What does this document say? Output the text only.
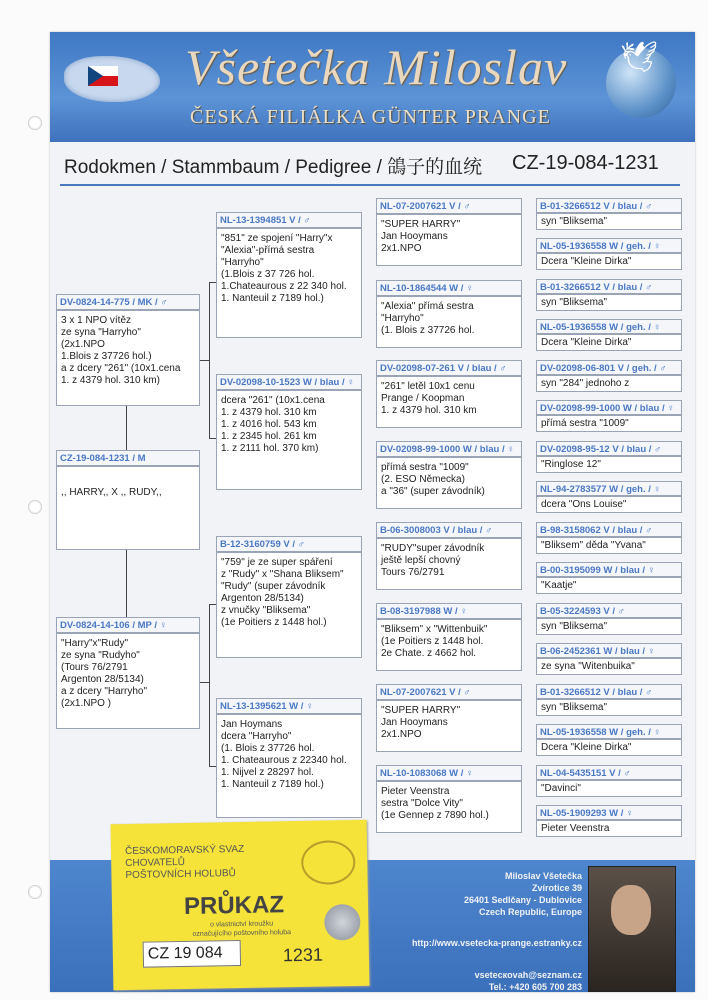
🕊
Všetečka Miloslav
ČESKÁ FILIÁLKA GÜNTER PRANGE
Rodokmen / Stammbaum / Pedigree / 鴿子的血统 CZ-19-084-1231
DV-0824-14-775 / MK / ♂
3 x 1 NPO vítěz
ze syna "Harryho"
(2x1.NPO
1.Blois z 37726 hol.)
a z dcery "261" (10x1.cena
1. z 4379 hol. 310 km)
CZ-19-084-1231 / M
,, HARRY,, X ,, RUDY,,
DV-0824-14-106 / MP / ♀
"Harry"x"Rudy"
ze syna "Rudyho"
(Tours 76/2791
Argenton 28/5134)
a z dcery "Harryho"
(2x1.NPO )
NL-13-1394851 V / ♂
"851" ze spojení "Harry"x
"Alexia"-přímá sestra
"Harryho"
(1.Blois z 37 726 hol.
1.Chateaurous z 22 340 hol.
1. Nanteuil z 7189 hol.)
DV-02098-10-1523 W / blau / ♀
dcera "261" (10x1.cena
1. z 4379 hol. 310 km
1. z 4016 hol. 543 km
1. z 2345 hol. 261 km
1. z 2111 hol. 370 km)
B-12-3160759 V / ♂
"759" je ze super spáření
z "Rudy" x "Shana Bliksem"
"Rudy" (super závodník
Argenton 28/5134)
z vnučky "Bliksema"
(1e Poitiers z 1448 hol.)
NL-13-1395621 W / ♀
Jan Hoymans
dcera "Harryho"
(1. Blois z 37726 hol.
1. Chateaurous z 22340 hol.
1. Nijvel z 28297 hol.
1. Nanteuil z 7189 hol.)
NL-07-2007621 V / ♂
"SUPER HARRY"
Jan Hooymans
2x1.NPO
NL-10-1864544 W / ♀
"Alexia" přímá sestra
"Harryho"
(1. Blois z 37726 hol.
DV-02098-07-261 V / blau / ♂
"261" letěl 10x1 cenu
Prange / Koopman
1. z 4379 hol. 310 km
DV-02098-99-1000 W / blau / ♀
přímá sestra "1009"
(2. ESO Německa)
a "36" (super závodník)
B-06-3008003 V / blau / ♂
"RUDY"super závodník
ještě lepší chovný
Tours 76/2791
B-08-3197988 W / ♀
"Bliksem" x "Wittenbuik"
(1e Poitiers z 1448 hol.
2e Chate. z 4662 hol.
NL-07-2007621 V / ♂
"SUPER HARRY"
Jan Hooymans
2x1.NPO
NL-10-1083068 W / ♀
Pieter Veenstra
sestra "Dolce Vity"
(1e Gennep z 7890 hol.)
B-01-3266512 V / blau / ♂
syn "Bliksema"
NL-05-1936558 W / geh. / ♀
Dcera "Kleine Dirka"
B-01-3266512 V / blau / ♂
syn "Bliksema"
NL-05-1936558 W / geh. / ♀
Dcera "Kleine Dirka"
DV-02098-06-801 V / geh. / ♂
syn "284" jednoho z
DV-02098-99-1000 W / blau / ♀
přímá sestra "1009"
DV-02098-95-12 V / blau / ♂
"Ringlose 12"
NL-94-2783577 W / geh. / ♀
dcera "Ons Louise"
B-98-3158062 V / blau / ♂
"Bliksem" děda "Yvana"
B-00-3195099 W / blau / ♀
"Kaatje"
B-05-3224593 V / ♂
syn "Bliksema"
B-06-2452361 W / blau / ♀
ze syna "Witenbuika"
B-01-3266512 V / blau / ♂
syn "Bliksema"
NL-05-1936558 W / geh. / ♀
Dcera "Kleine Dirka"
NL-04-5435151 V / ♂
"Davinci"
NL-05-1909293 W / ♀
Pieter Veenstra
Miloslav Všetečka
Zvírotice 39
26401 Sedlčany - Dublovice
Czech Republic, Europe
http://www.vsetecka-prange.estranky.cz
vsetecкovah@seznam.cz
Tel.: +420 605 700 283
ČESKOMORAVSKÝ SVAZ
CHOVATELŮ
POŠTOVNÍCH HOLUBŮ
PRŮKAZ
o vlastnictví kroužku
označujícího poštovního holuba
CZ 19 084	1231
